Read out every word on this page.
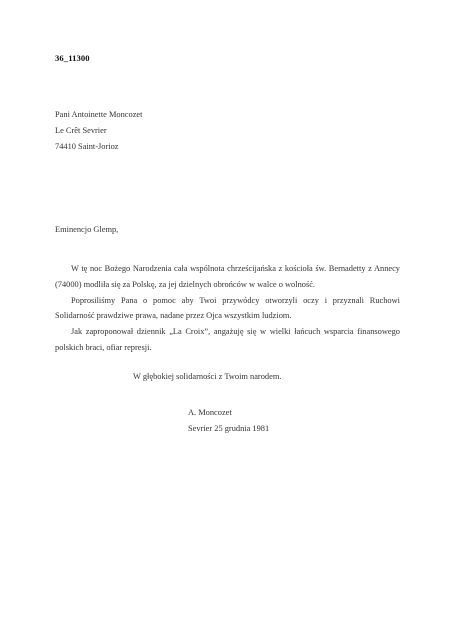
36_11300
Pani Antoinette Moncozet
Le Crêt Sevrier
74410 Saint-Jorioz
Eminencjo Glemp,

W tę noc Bożego Narodzenia cała wspólnota chrześcijańska z kościoła św. Bernadetty z Annecy (74000) modliła się za Polskę, za jej dzielnych obrońców w walce o wolność.

Poprosiliśmy Pana o pomoc aby Twoi przywódcy otworzyli oczy i przyznali Ruchowi Solidarność prawdziwe prawa, nadane przez Ojca wszystkim ludziom.

Jak zaproponował dziennik „La Croix”, angażuję się w wielki łańcuch wsparcia finansowego polskich braci, ofiar represji.

W głębokiej solidarności z Twoim narodem.
A. Moncozet
Sevrier 25 grudnia 1981
